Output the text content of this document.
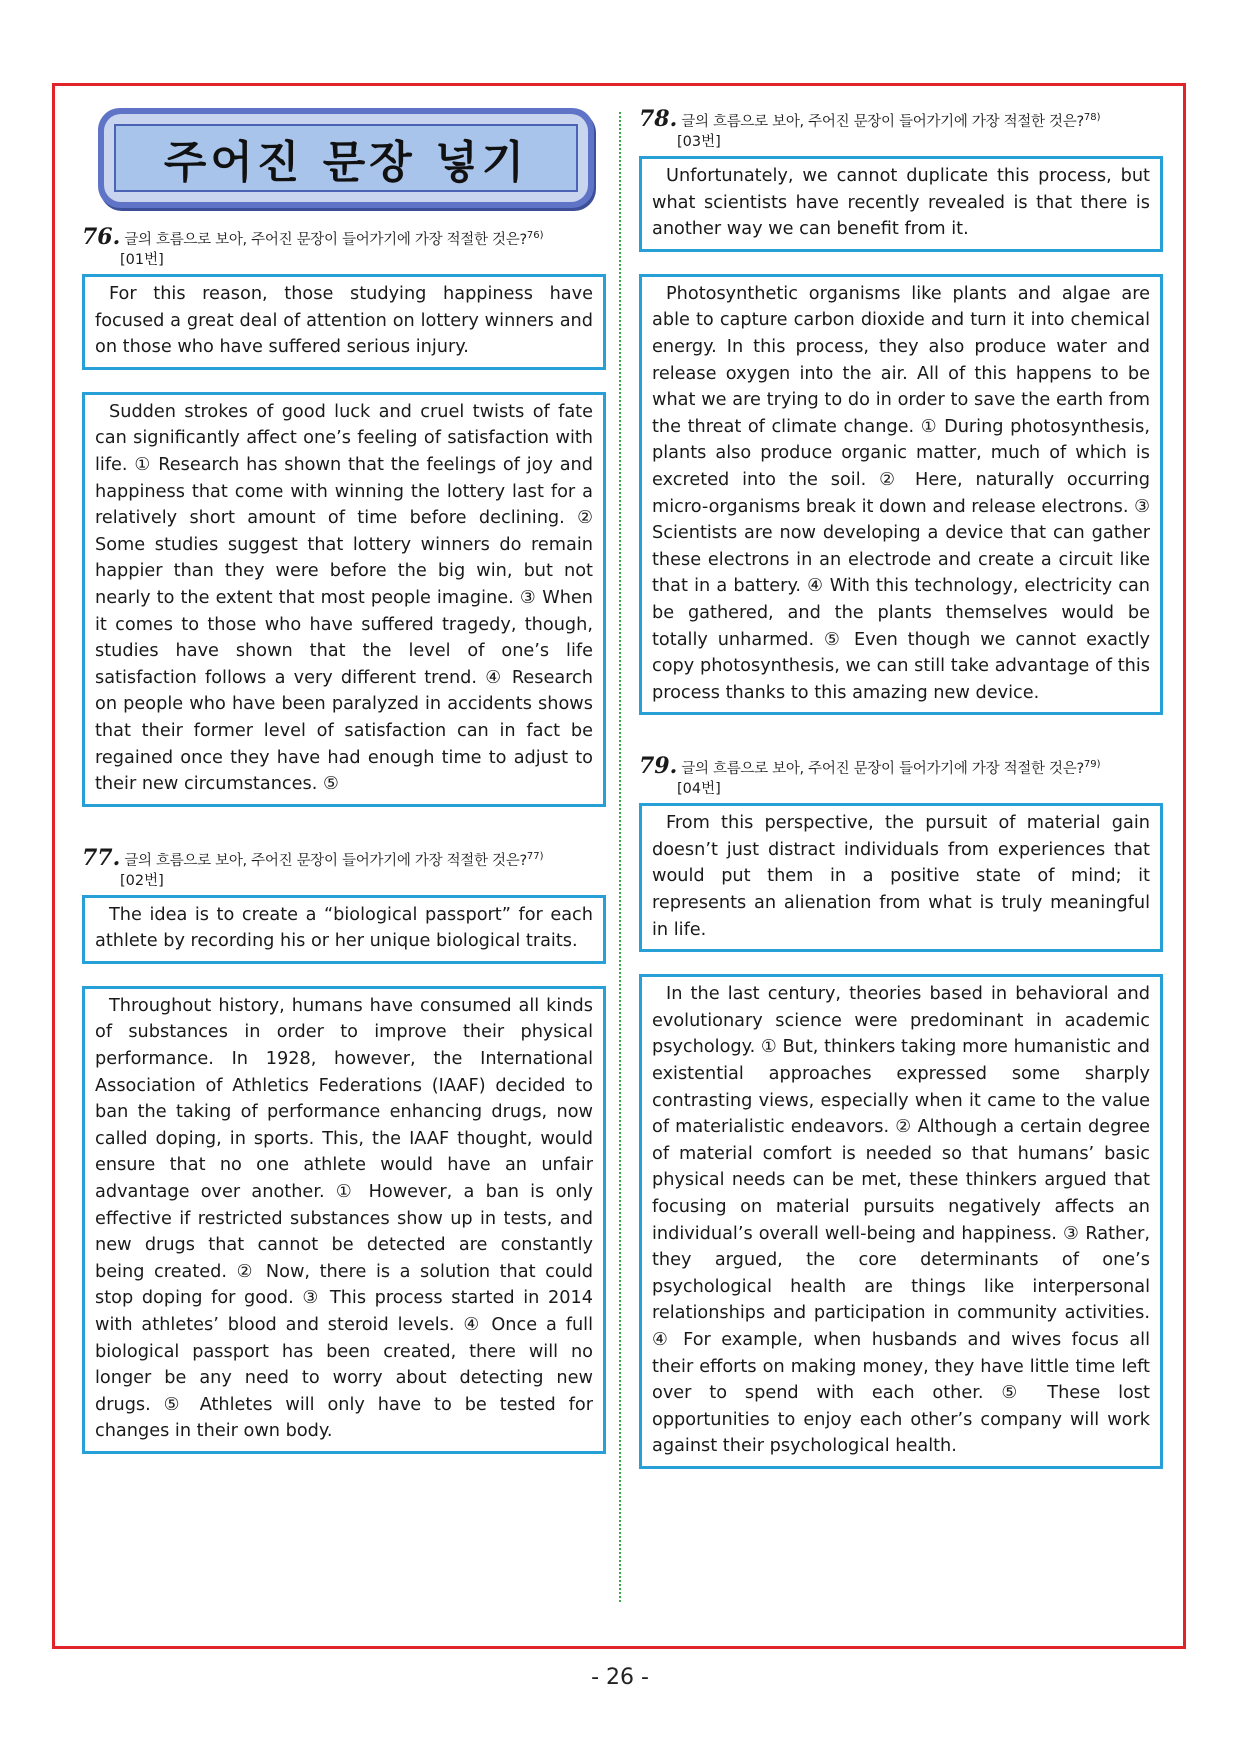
주어진 문장 넣기
76. 글의 흐름으로 보아, 주어진 문장이 들어가기에 가장 적절한 것은?$^{76)}$
[01번]

For this reason, those studying happiness have focused a great deal of attention on lottery winners and on those who have suffered serious injury.

Sudden strokes of good luck and cruel twists of fate can significantly affect one’s feeling of satisfaction with life. ① Research has shown that the feelings of joy and happiness that come with winning the lottery last for a relatively short amount of time before declining. ② Some studies suggest that lottery winners do remain happier than they were before the big win, but not nearly to the extent that most people imagine. ③ When it comes to those who have suffered tragedy, though, studies have shown that the level of one’s life satisfaction follows a very different trend. ④ Research on people who have been paralyzed in accidents shows that their former level of satisfaction can in fact be regained once they have had enough time to adjust to their new circumstances. ⑤

77. 글의 흐름으로 보아, 주어진 문장이 들어가기에 가장 적절한 것은?$^{77)}$
[02번]

The idea is to create a “biological passport” for each athlete by recording his or her unique biological traits.

Throughout history, humans have consumed all kinds of substances in order to improve their physical performance. In 1928, however, the International Association of Athletics Federations (IAAF) decided to ban the taking of performance enhancing drugs, now called doping, in sports. This, the IAAF thought, would ensure that no one athlete would have an unfair advantage over another. ① However, a ban is only effective if restricted substances show up in tests, and new drugs that cannot be detected are constantly being created. ② Now, there is a solution that could stop doping for good. ③ This process started in 2014 with athletes’ blood and steroid levels. ④ Once a full biological passport has been created, there will no longer be any need to worry about detecting new drugs. ⑤ Athletes will only have to be tested for changes in their own body.

78. 글의 흐름으로 보아, 주어진 문장이 들어가기에 가장 적절한 것은?$^{78)}$
[03번]

Unfortunately, we cannot duplicate this process, but what scientists have recently revealed is that there is another way we can benefit from it.

Photosynthetic organisms like plants and algae are able to capture carbon dioxide and turn it into chemical energy. In this process, they also produce water and release oxygen into the air. All of this happens to be what we are trying to do in order to save the earth from the threat of climate change. ① During photosynthesis, plants also produce organic matter, much of which is excreted into the soil. ② Here, naturally occurring micro-organisms break it down and release electrons. ③ Scientists are now developing a device that can gather these electrons in an electrode and create a circuit like that in a battery. ④ With this technology, electricity can be gathered, and the plants themselves would be totally unharmed. ⑤ Even though we cannot exactly copy photosynthesis, we can still take advantage of this process thanks to this amazing new device.

79. 글의 흐름으로 보아, 주어진 문장이 들어가기에 가장 적절한 것은?$^{79)}$
[04번]

From this perspective, the pursuit of material gain doesn’t just distract individuals from experiences that would put them in a positive state of mind; it represents an alienation from what is truly meaningful in life.

In the last century, theories based in behavioral and evolutionary science were predominant in academic psychology. ① But, thinkers taking more humanistic and existential approaches expressed some sharply contrasting views, especially when it came to the value of materialistic endeavors. ② Although a certain degree of material comfort is needed so that humans’ basic physical needs can be met, these thinkers argued that focusing on material pursuits negatively affects an individual’s overall well-being and happiness. ③ Rather, they argued, the core determinants of one’s psychological health are things like interpersonal relationships and participation in community activities. ④ For example, when husbands and wives focus all their efforts on making money, they have little time left over to spend with each other. ⑤ These lost opportunities to enjoy each other’s company will work against their psychological health.

- 26 -
